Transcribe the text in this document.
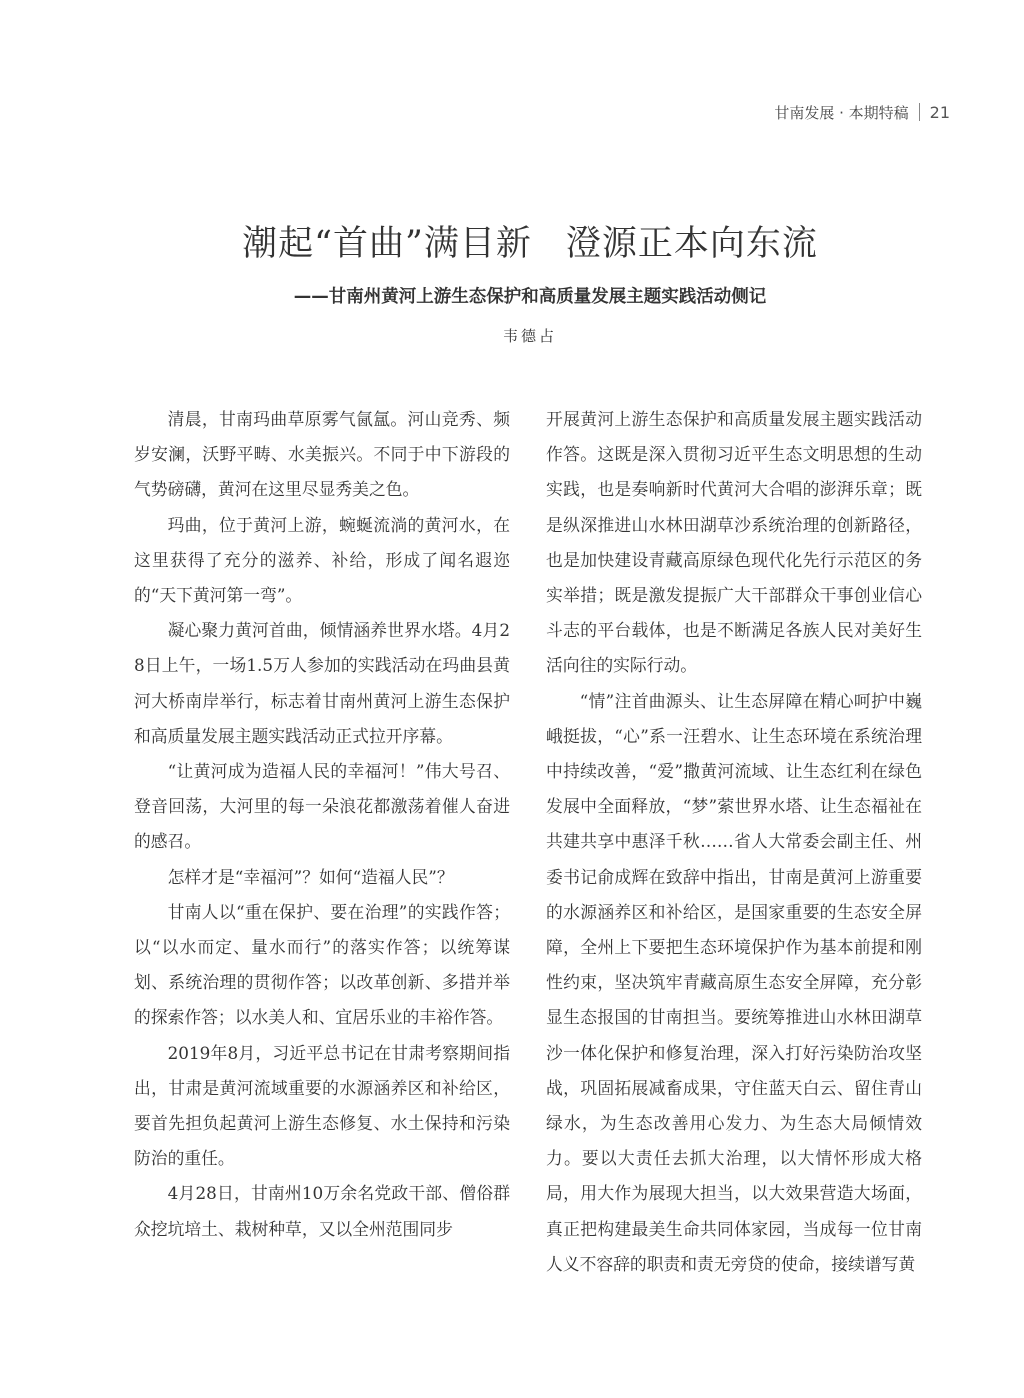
甘南发展 · 本期特稿 21
潮起“首曲”满目新 澄源正本向东流
——甘南州黄河上游生态保护和高质量发展主题实践活动侧记
韦德占

清晨，甘南玛曲草原雾气氤氲。河山竞秀、频岁安澜，沃野平畴、水美振兴。不同于中下游段的气势磅礴，黄河在这里尽显秀美之色。

玛曲，位于黄河上游，蜿蜒流淌的黄河水，在这里获得了充分的滋养、补给，形成了闻名遐迩的“天下黄河第一弯”。

凝心聚力黄河首曲，倾情涵养世界水塔。4月28日上午，一场1.5万人参加的实践活动在玛曲县黄河大桥南岸举行，标志着甘南州黄河上游生态保护和高质量发展主题实践活动正式拉开序幕。

“让黄河成为造福人民的幸福河！”伟大号召、登音回荡，大河里的每一朵浪花都激荡着催人奋进的感召。

怎样才是“幸福河”？如何“造福人民”？

甘南人以“重在保护、要在治理”的实践作答；以“以水而定、量水而行”的落实作答；以统筹谋划、系统治理的贯彻作答；以改革创新、多措并举的探索作答；以水美人和、宜居乐业的丰裕作答。

2019年8月，习近平总书记在甘肃考察期间指出，甘肃是黄河流域重要的水源涵养区和补给区，要首先担负起黄河上游生态修复、水土保持和污染防治的重任。

4月28日，甘南州10万余名党政干部、僧俗群众挖坑培土、栽树种草，又以全州范围同步

开展黄河上游生态保护和高质量发展主题实践活动作答。这既是深入贯彻习近平生态文明思想的生动实践，也是奏响新时代黄河大合唱的澎湃乐章；既是纵深推进山水林田湖草沙系统治理的创新路径，也是加快建设青藏高原绿色现代化先行示范区的务实举措；既是激发提振广大干部群众干事创业信心斗志的平台载体，也是不断满足各族人民对美好生活向往的实际行动。

“情”注首曲源头、让生态屏障在精心呵护中巍峨挺拔，“心”系一汪碧水、让生态环境在系统治理中持续改善，“爱”撒黄河流域、让生态红利在绿色发展中全面释放，“梦”萦世界水塔、让生态福祉在共建共享中惠泽千秋……省人大常委会副主任、州委书记俞成辉在致辞中指出，甘南是黄河上游重要的水源涵养区和补给区，是国家重要的生态安全屏障，全州上下要把生态环境保护作为基本前提和刚性约束，坚决筑牢青藏高原生态安全屏障，充分彰显生态报国的甘南担当。要统筹推进山水林田湖草沙一体化保护和修复治理，深入打好污染防治攻坚战，巩固拓展减畜成果，守住蓝天白云、留住青山绿水，为生态改善用心发力、为生态大局倾情效力。要以大责任去抓大治理，以大情怀形成大格局，用大作为展现大担当，以大效果营造大场面，真正把构建最美生命共同体家园，当成每一位甘南人义不容辞的职责和责无旁贷的使命，接续谱写黄
